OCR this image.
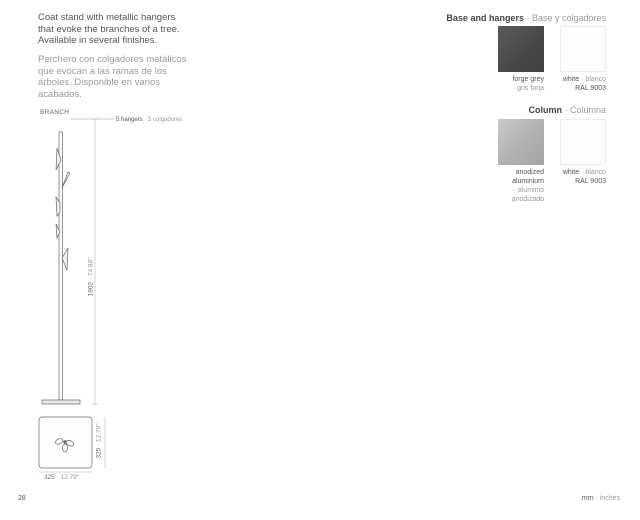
Coat stand with metallic hangers that evoke the branches of a tree. Available in several finishes.
Perchero con colgadores metálicos que evocan a las ramas de los árboles. Disponible en varios acabados.
BRANCH
5 hangers · 5 colgadores
1902 · 74.88"
325 · 12.79"
325 · 12.79"
Base and hangers · Base y colgadores
forge grey
· gris forja
white · blanco
RAL 9003
Column · Columna
anodized
aluminium
· aluminio
anodizado
white · blanco
RAL 9003
28	mm · inches
